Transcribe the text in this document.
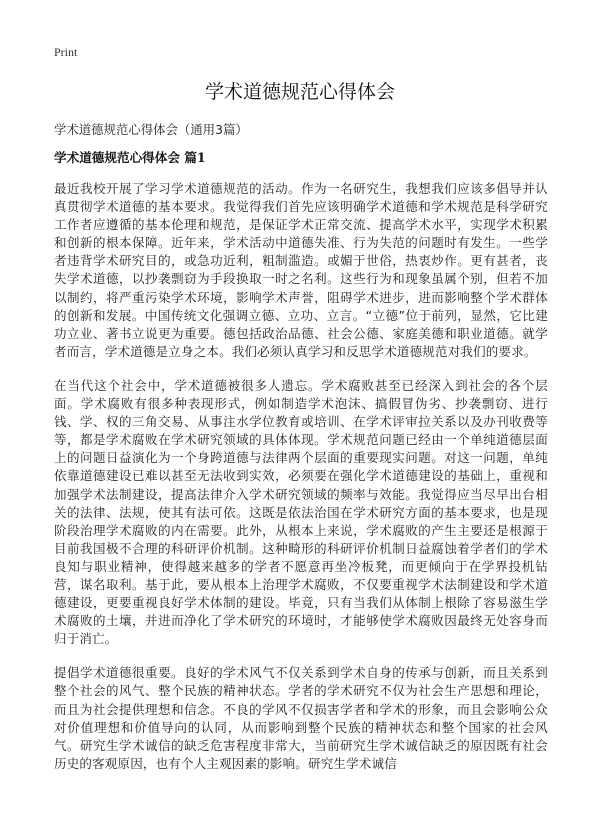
Print
学术道德规范心得体会
学术道德规范心得体会（通用3篇）
学术道德规范心得体会 篇1

最近我校开展了学习学术道德规范的活动。作为一名研究生，我想我们应该多倡导并认真贯彻学术道德的基本要求。我觉得我们首先应该明确学术道德和学术规范是科学研究工作者应遵循的基本伦理和规范，是保证学术正常交流、提高学术水平，实现学术积累和创新的根本保障。近年来，学术活动中道德失准、行为失范的问题时有发生。一些学者违背学术研究目的，或急功近利，粗制滥造。或媚于世俗，热衷炒作。更有甚者，丧失学术道德，以抄袭剽窃为手段换取一时之名利。这些行为和现象虽属个别，但若不加以制约，将严重污染学术环境，影响学术声誉，阻碍学术进步，进而影响整个学术群体的创新和发展。中国传统文化强调立德、立功、立言。“立德”位于前列，显然，它比建功立业、著书立说更为重要。德包括政治品德、社会公德、家庭美德和职业道德。就学者而言，学术道德是立身之本。我们必须认真学习和反思学术道德规范对我们的要求。

在当代这个社会中，学术道德被很多人遗忘。学术腐败甚至已经深入到社会的各个层面。学术腐败有很多种表现形式，例如制造学术泡沫、搞假冒伪劣、抄袭剽窃、进行钱、学、权的三角交易、从事注水学位教育或培训、在学术评审拉关系以及办刊收费等等，都是学术腐败在学术研究领域的具体体现。学术规范问题已经由一个单纯道德层面上的问题日益演化为一个身跨道德与法律两个层面的重要现实问题。对这一问题，单纯依靠道德建设已难以甚至无法收到实效，必须要在强化学术道德建设的基础上，重视和加强学术法制建设，提高法律介入学术研究领域的频率与效能。我觉得应当尽早出台相关的法律、法规，使其有法可依。这既是依法治国在学术研究方面的基本要求，也是现阶段治理学术腐败的内在需要。此外，从根本上来说，学术腐败的产生主要还是根源于目前我国极不合理的科研评价机制。这种畸形的科研评价机制日益腐蚀着学者们的学术良知与职业精神，使得越来越多的学者不愿意再坐冷板凳，而更倾向于在学界投机钻营，谋名取利。基于此，要从根本上治理学术腐败，不仅要重视学术法制建设和学术道德建设，更要重视良好学术体制的建设。毕竟，只有当我们从体制上根除了容易滋生学术腐败的土壤，并进而净化了学术研究的环境时，才能够使学术腐败因最终无处容身而归于消亡。

提倡学术道德很重要。良好的学术风气不仅关系到学术自身的传承与创新，而且关系到整个社会的风气、整个民族的精神状态。学者的学术研究不仅为社会生产思想和理论，而且为社会提供理想和信念。不良的学风不仅损害学者和学术的形象，而且会影响公众对价值理想和价值导向的认同，从而影响到整个民族的精神状态和整个国家的社会风气。研究生学术诚信的缺乏危害程度非常大，当前研究生学术诚信缺乏的原因既有社会历史的客观原因，也有个人主观因素的影响。研究生学术诚信
